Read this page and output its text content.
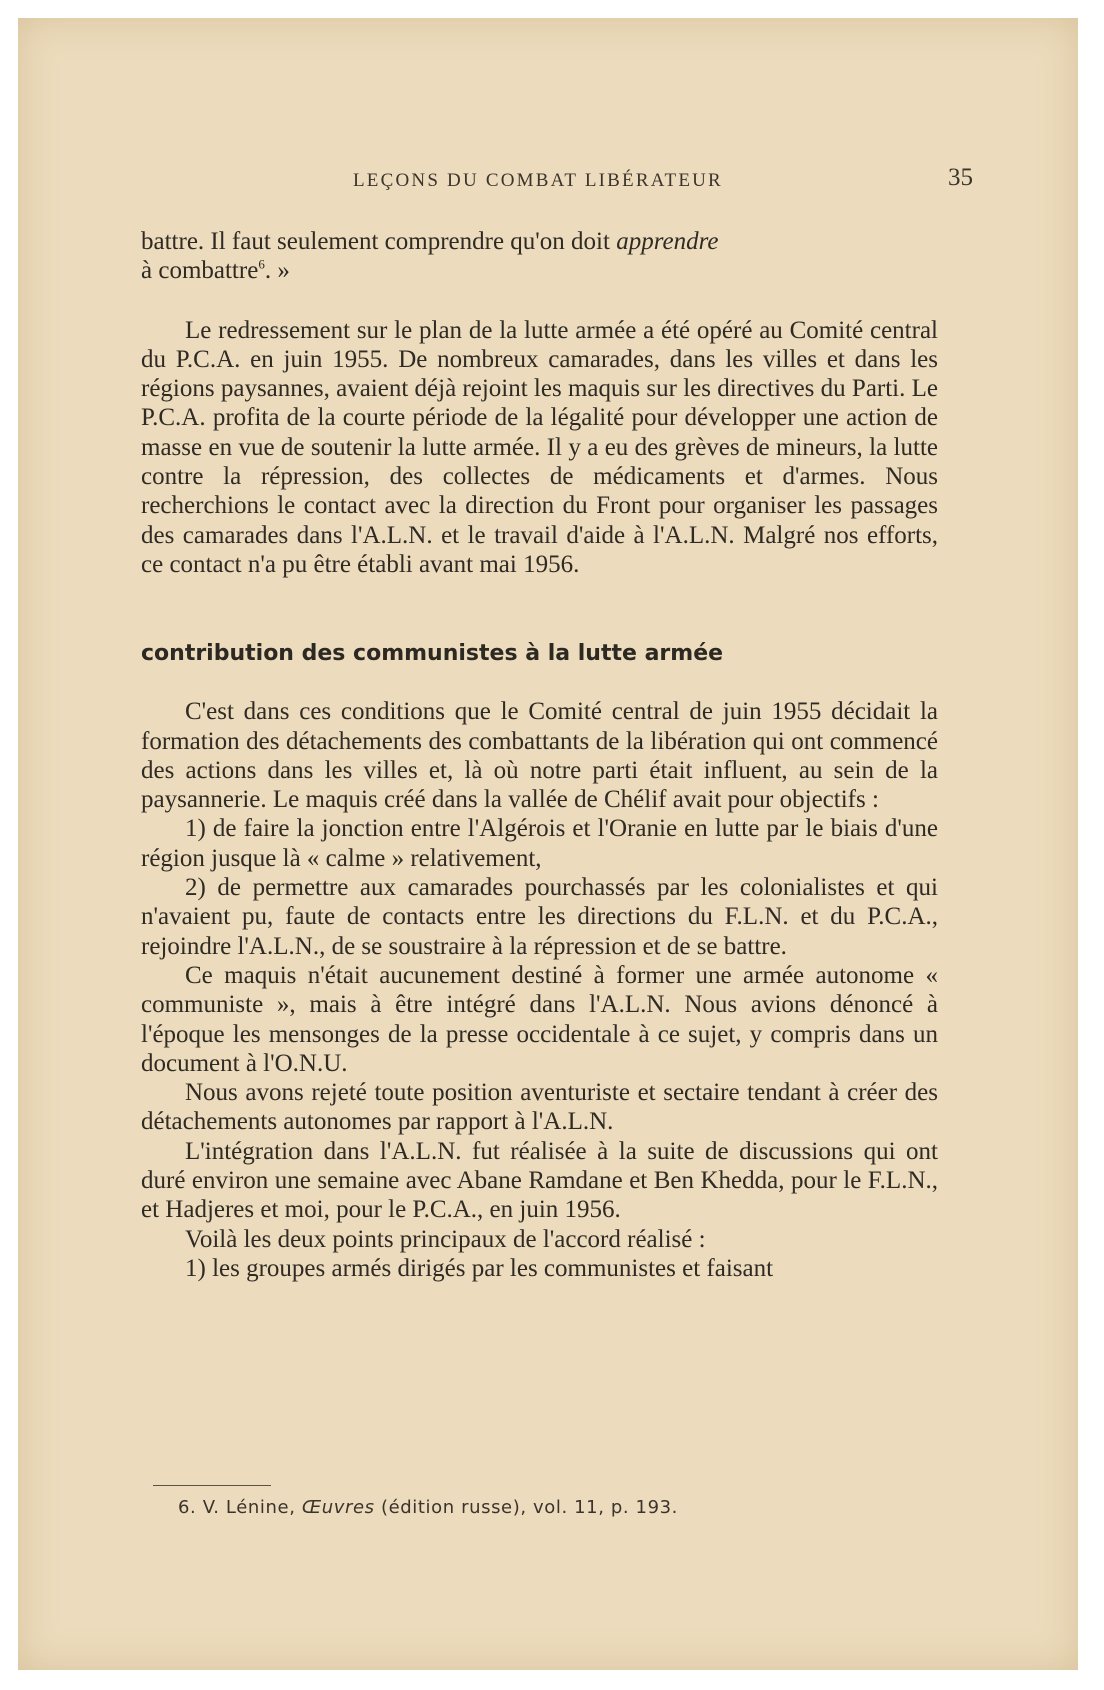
LEÇONS DU COMBAT LIBÉRATEUR	35

battre. Il faut seulement comprendre qu'on doit apprendre
à combattre$^6$. »

Le redressement sur le plan de la lutte armée a été opéré au Comité central du P.C.A. en juin 1955. De nombreux camarades, dans les villes et dans les régions paysannes, avaient déjà rejoint les maquis sur les directives du Parti. Le P.C.A. profita de la courte période de la légalité pour développer une action de masse en vue de soutenir la lutte armée. Il y a eu des grèves de mineurs, la lutte contre la répression, des collectes de médicaments et d'armes. Nous recherchions le contact avec la direction du Front pour organiser les passages des camarades dans l'A.L.N. et le travail d'aide à l'A.L.N. Malgré nos efforts, ce contact n'a pu être établi avant mai 1956.

contribution des communistes à la lutte armée

C'est dans ces conditions que le Comité central de juin 1955 décidait la formation des détachements des combattants de la libération qui ont commencé des actions dans les villes et, là où notre parti était influent, au sein de la paysannerie. Le maquis créé dans la vallée de Chélif avait pour objectifs :

1) de faire la jonction entre l'Algérois et l'Oranie en lutte par le biais d'une région jusque là « calme » relativement,

2) de permettre aux camarades pourchassés par les colonialistes et qui n'avaient pu, faute de contacts entre les directions du F.L.N. et du P.C.A., rejoindre l'A.L.N., de se soustraire à la répression et de se battre.

Ce maquis n'était aucunement destiné à former une armée autonome « communiste », mais à être intégré dans l'A.L.N. Nous avions dénoncé à l'époque les mensonges de la presse occidentale à ce sujet, y compris dans un document à l'O.N.U.

Nous avons rejeté toute position aventuriste et sectaire tendant à créer des détachements autonomes par rapport à l'A.L.N.

L'intégration dans l'A.L.N. fut réalisée à la suite de discussions qui ont duré environ une semaine avec Abane Ramdane et Ben Khedda, pour le F.L.N., et Hadjeres et moi, pour le P.C.A., en juin 1956.

Voilà les deux points principaux de l'accord réalisé :

1) les groupes armés dirigés par les communistes et faisant

6. V. Lénine, Œuvres (édition russe), vol. 11, p. 193.
